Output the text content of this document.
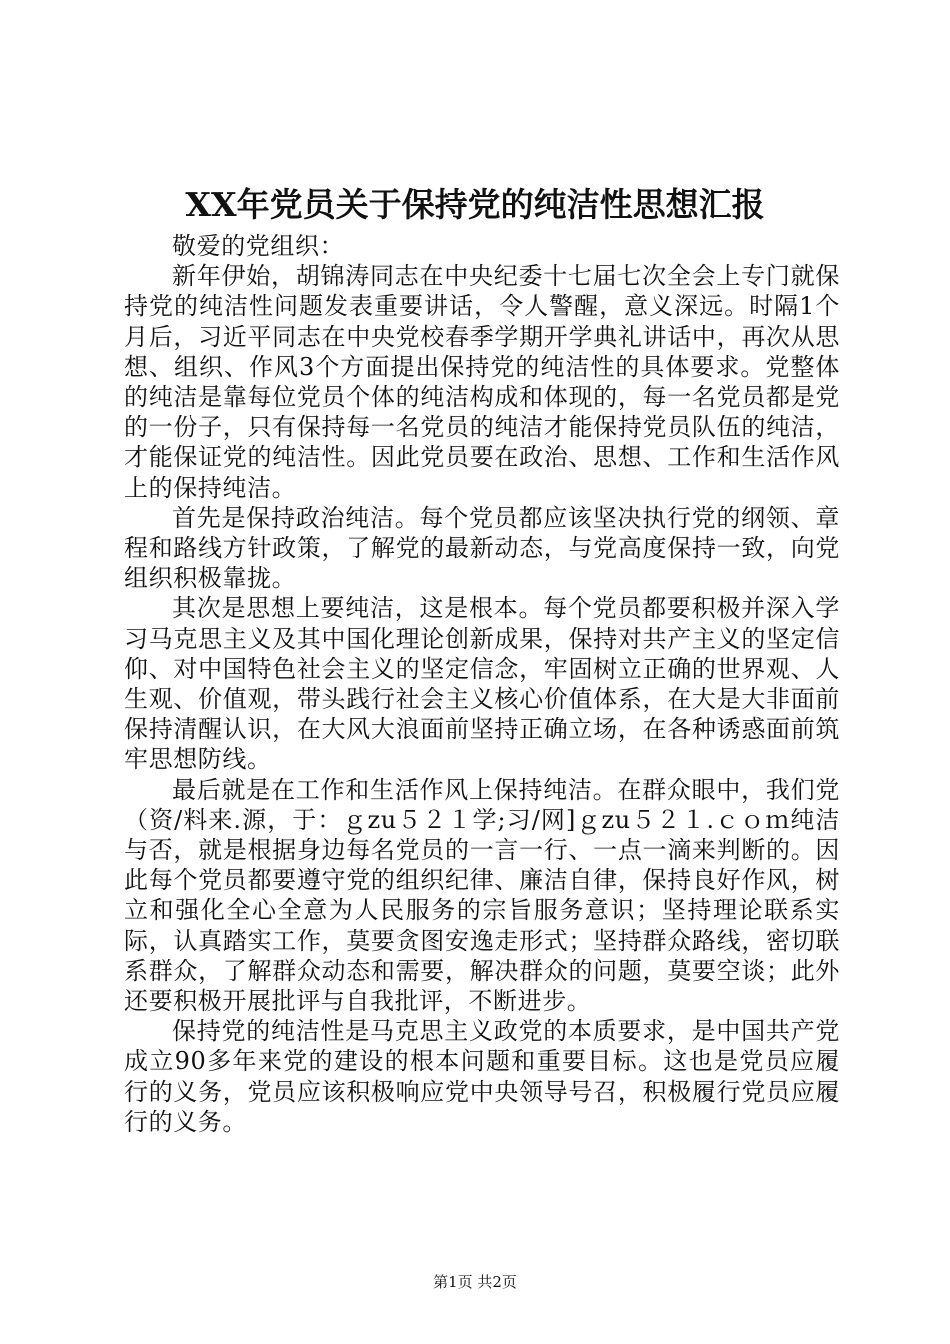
XX年党员关于保持党的纯洁性思想汇报

敬爱的党组织：

新年伊始，胡锦涛同志在中央纪委十七届七次全会上专门就保持党的纯洁性问题发表重要讲话，令人警醒，意义深远。时隔1个月后，习近平同志在中央党校春季学期开学典礼讲话中，再次从思想、组织、作风3个方面提出保持党的纯洁性的具体要求。党整体的纯洁是靠每位党员个体的纯洁构成和体现的，每一名党员都是党的一份子，只有保持每一名党员的纯洁才能保持党员队伍的纯洁，才能保证党的纯洁性。因此党员要在政治、思想、工作和生活作风上的保持纯洁。

首先是保持政治纯洁。每个党员都应该坚决执行党的纲领、章程和路线方针政策，了解党的最新动态，与党高度保持一致，向党组织积极靠拢。

其次是思想上要纯洁，这是根本。每个党员都要积极并深入学习马克思主义及其中国化理论创新成果，保持对共产主义的坚定信仰、对中国特色社会主义的坚定信念，牢固树立正确的世界观、人生观、价值观，带头践行社会主义核心价值体系，在大是大非面前保持清醒认识，在大风大浪面前坚持正确立场，在各种诱惑面前筑牢思想防线。

最后就是在工作和生活作风上保持纯洁。在群众眼中，我们党（资/料来.源，于：ｇzu５２１学;习/网]ｇzu５２１.ｃｏｍ纯洁与否，就是根据身边每名党员的一言一行、一点一滴来判断的。因此每个党员都要遵守党的组织纪律、廉洁自律，保持良好作风，树立和强化全心全意为人民服务的宗旨服务意识；坚持理论联系实际，认真踏实工作，莫要贪图安逸走形式；坚持群众路线，密切联系群众，了解群众动态和需要，解决群众的问题，莫要空谈；此外还要积极开展批评与自我批评，不断进步。

保持党的纯洁性是马克思主义政党的本质要求，是中国共产党成立90多年来党的建设的根本问题和重要目标。这也是党员应履行的义务，党员应该积极响应党中央领导号召，积极履行党员应履行的义务。

第1页 共2页
